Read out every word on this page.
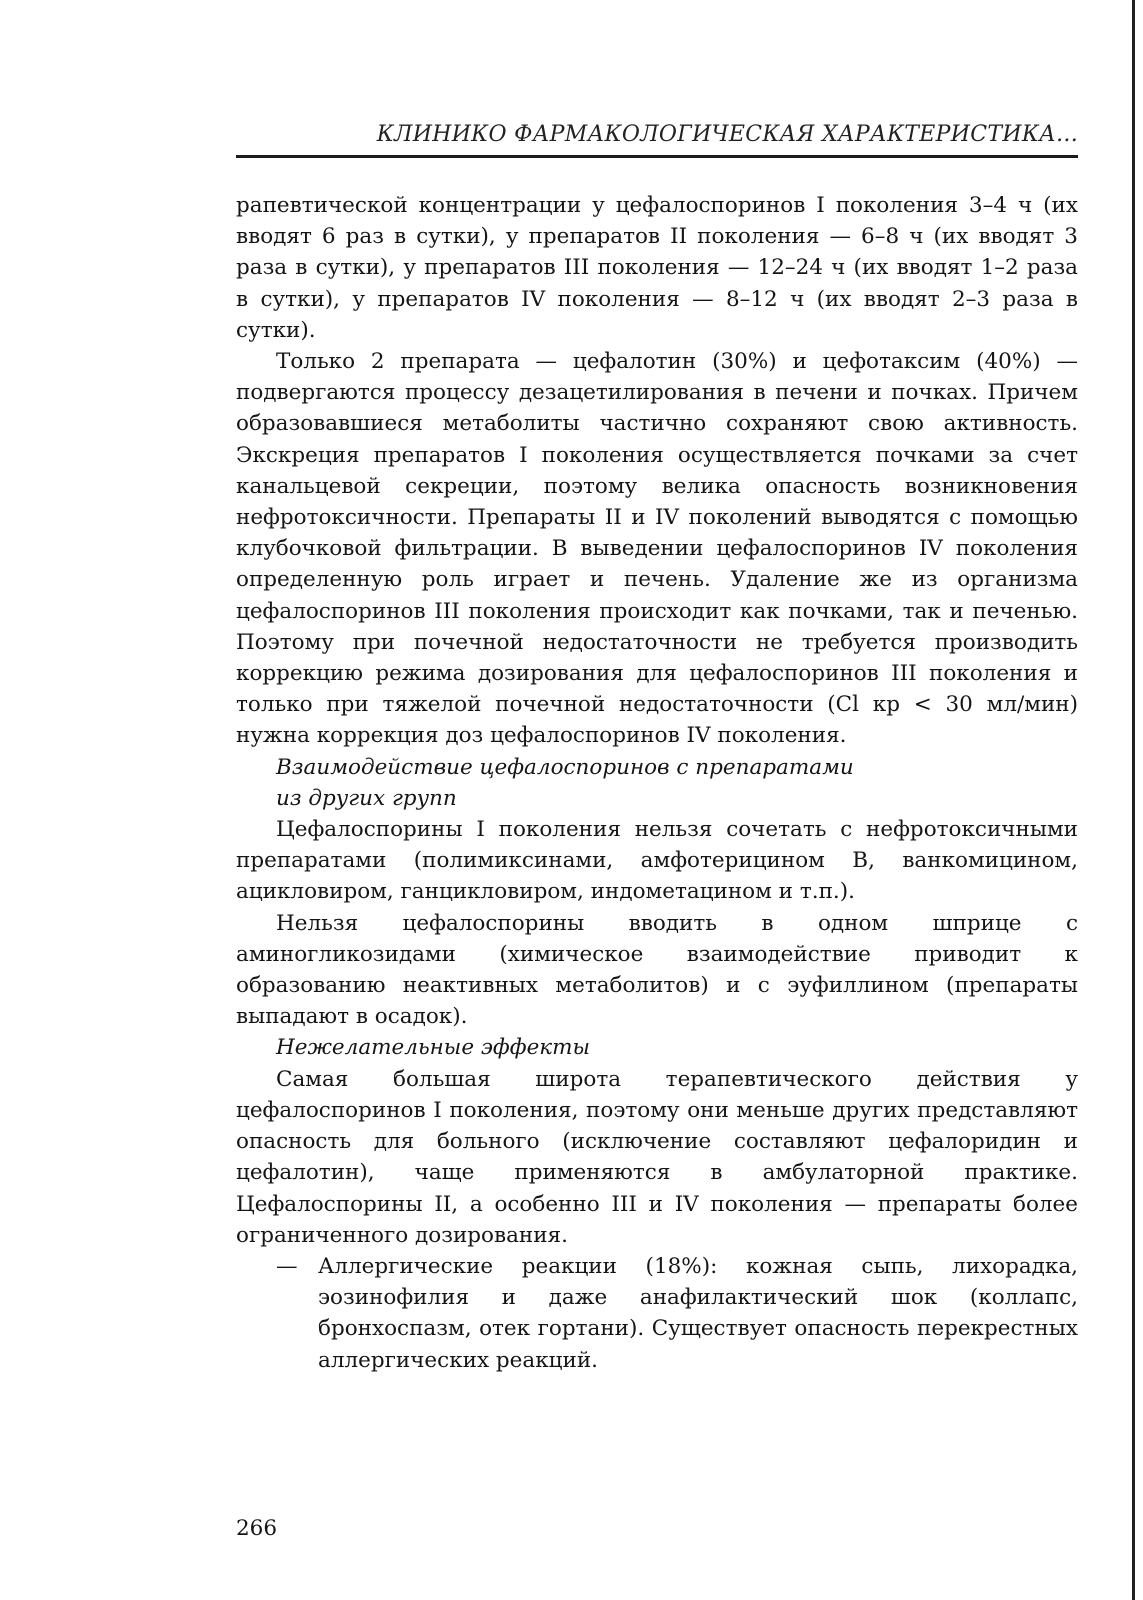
КЛИНИКО ФАРМАКОЛОГИЧЕСКАЯ ХАРАКТЕРИСТИКА...

рапевтической концентрации у цефалоспоринов I поколения 3–4 ч (их вводят 6 раз в сутки), у препаратов II поколения — 6–8 ч (их вводят 3 раза в сутки), у препаратов III поколения — 12–24 ч (их вводят 1–2 раза в сутки), у препаратов IV поколения — 8–12 ч (их вводят 2–3 раза в сутки).

Только 2 препарата — цефалотин (30%) и цефотаксим (40%) — подвергаются процессу дезацетилирования в печени и почках. Причем образовавшиеся метаболиты частично сохраняют свою активность. Экскреция препаратов I поколения осуществляется почками за счет канальцевой секреции, поэтому велика опасность возникновения нефротоксичности. Препараты II и IV поколений выводятся с помощью клубочковой фильтрации. В выведении цефалоспоринов IV поколения определенную роль играет и печень. Удаление же из организма цефалоспоринов III поколения происходит как почками, так и печенью. Поэтому при почечной недостаточности не требуется производить коррекцию режима дозирования для цефалоспоринов III поколения и только при тяжелой почечной недостаточности (Cl кр < 30 мл/мин) нужна коррекция доз цефалоспоринов IV поколения.

Взаимодействие цефалоспоринов с препаратами

из других групп

Цефалоспорины I поколения нельзя сочетать с нефротоксичными препаратами (полимиксинами, амфотерицином В, ванкомицином, ацикловиром, ганцикловиром, индометацином и т.п.).

Нельзя цефалоспорины вводить в одном шприце с аминогликозидами (химическое взаимодействие приводит к образованию неактивных метаболитов) и с эуфиллином (препараты выпадают в осадок).

Нежелательные эффекты

Самая большая широта терапевтического действия у цефалоспоринов I поколения, поэтому они меньше других представляют опасность для больного (исключение составляют цефалоридин и цефалотин), чаще применяются в амбулаторной практике. Цефалоспорины II, а особенно III и IV поколения — препараты более ограниченного дозирования.

— Аллергические реакции (18%): кожная сыпь, лихорадка, эозинофилия и даже анафилактический шок (коллапс, бронхоспазм, отек гортани). Существует опасность перекрестных аллергических реакций.
266
